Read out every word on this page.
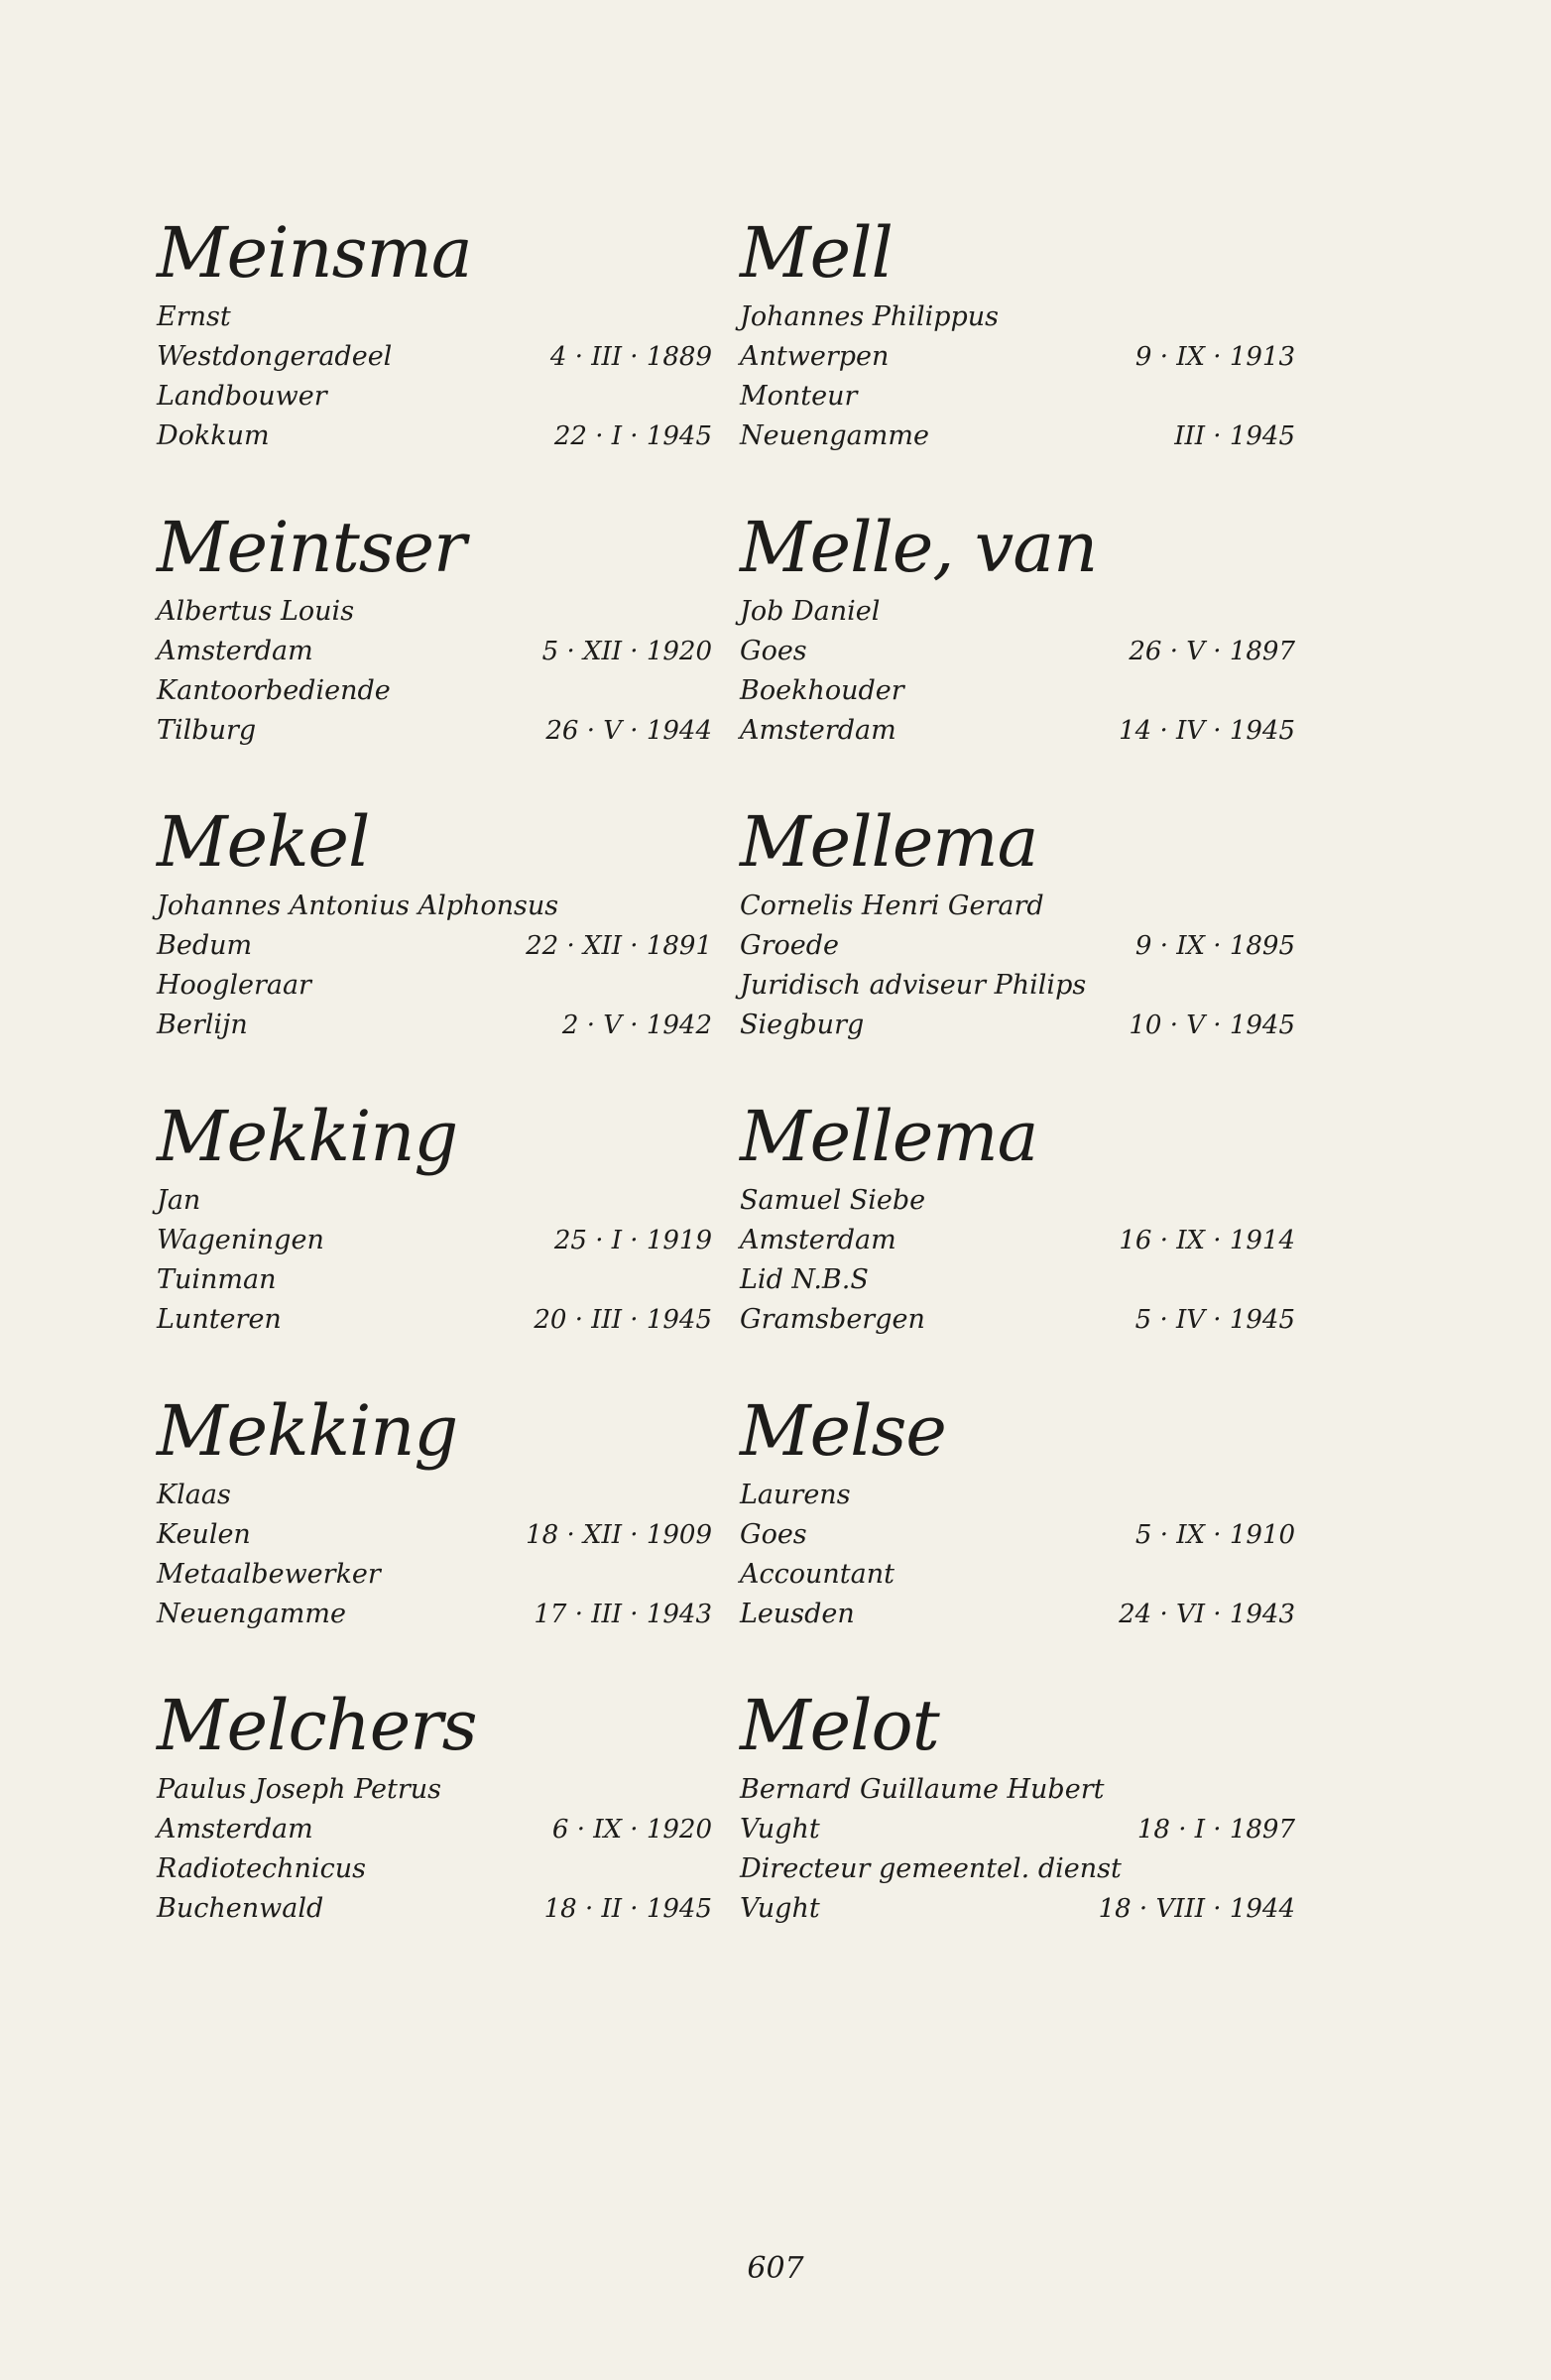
Meinsma
Ernst
Westdongeradeel	4 · III · 1889
Landbouwer
Dokkum	22 · I · 1945
Meintser
Albertus Louis
Amsterdam	5 · XII · 1920
Kantoorbediende
Tilburg	26 · V · 1944
Mekel
Johannes Antonius Alphonsus
Bedum	22 · XII · 1891
Hoogleraar
Berlijn	2 · V · 1942
Mekking
Jan
Wageningen	25 · I · 1919
Tuinman
Lunteren	20 · III · 1945
Mekking
Klaas
Keulen	18 · XII · 1909
Metaalbewerker
Neuengamme	17 · III · 1943
Melchers
Paulus Joseph Petrus
Amsterdam	6 · IX · 1920
Radiotechnicus
Buchenwald	18 · II · 1945
Mell
Johannes Philippus
Antwerpen	9 · IX · 1913
Monteur
Neuengamme	III · 1945
Melle, van
Job Daniel
Goes	26 · V · 1897
Boekhouder
Amsterdam	14 · IV · 1945
Mellema
Cornelis Henri Gerard
Groede	9 · IX · 1895
Juridisch adviseur Philips
Siegburg	10 · V · 1945
Mellema
Samuel Siebe
Amsterdam	16 · IX · 1914
Lid N.B.S
Gramsbergen	5 · IV · 1945
Melse
Laurens
Goes	5 · IX · 1910
Accountant
Leusden	24 · VI · 1943
Melot
Bernard Guillaume Hubert
Vught	18 · I · 1897
Directeur gemeentel. dienst
Vught	18 · VIII · 1944
607
